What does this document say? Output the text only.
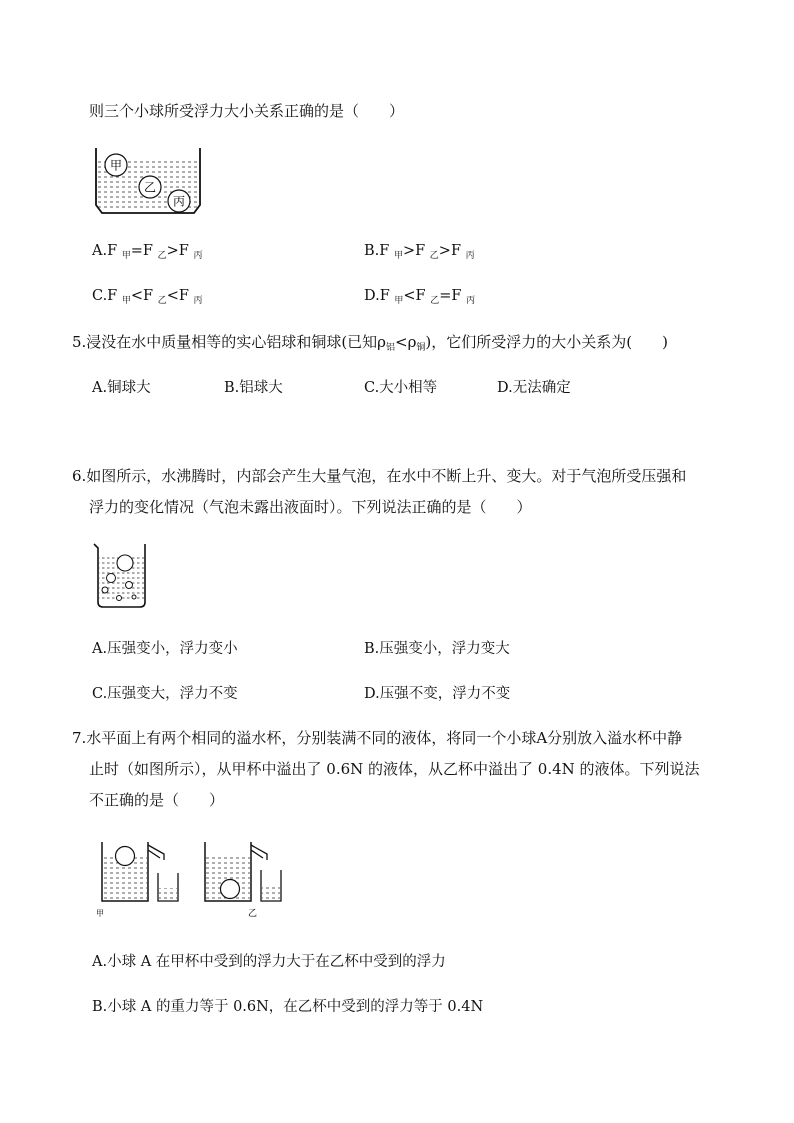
则三个小球所受浮力大小关系正确的是（　　）
甲
乙
丙
A.F $_甲$=F $_乙$>F $_丙$	B.F $_甲$>F $_乙$>F $_丙$
C.F $_甲$<F $_乙$<F $_丙$	D.F $_甲$<F $_乙$=F $_丙$
5.浸没在水中质量相等的实心铝球和铜球(已知$\rho_铝<\rho_铜$)，它们所受浮力的大小关系为(　　)
A.铜球大	B.铝球大	C.大小相等	D.无法确定
6.如图所示，水沸腾时，内部会产生大量气泡，在水中不断上升、变大。对于气泡所受压强和
浮力的变化情况（气泡未露出液面时）。下列说法正确的是（　　）
A.压强变小，浮力变小	B.压强变小，浮力变大
C.压强变大，浮力不变	D.压强不变，浮力不变
7.水平面上有两个相同的溢水杯，分别装满不同的液体，将同一个小球A分别放入溢水杯中静
止时（如图所示），从甲杯中溢出了 0.6N 的液体，从乙杯中溢出了 0.4N 的液体。下列说法
不正确的是（　　）
甲	乙
A.小球 A 在甲杯中受到的浮力大于在乙杯中受到的浮力
B.小球 A 的重力等于 0.6N，在乙杯中受到的浮力等于 0.4N
